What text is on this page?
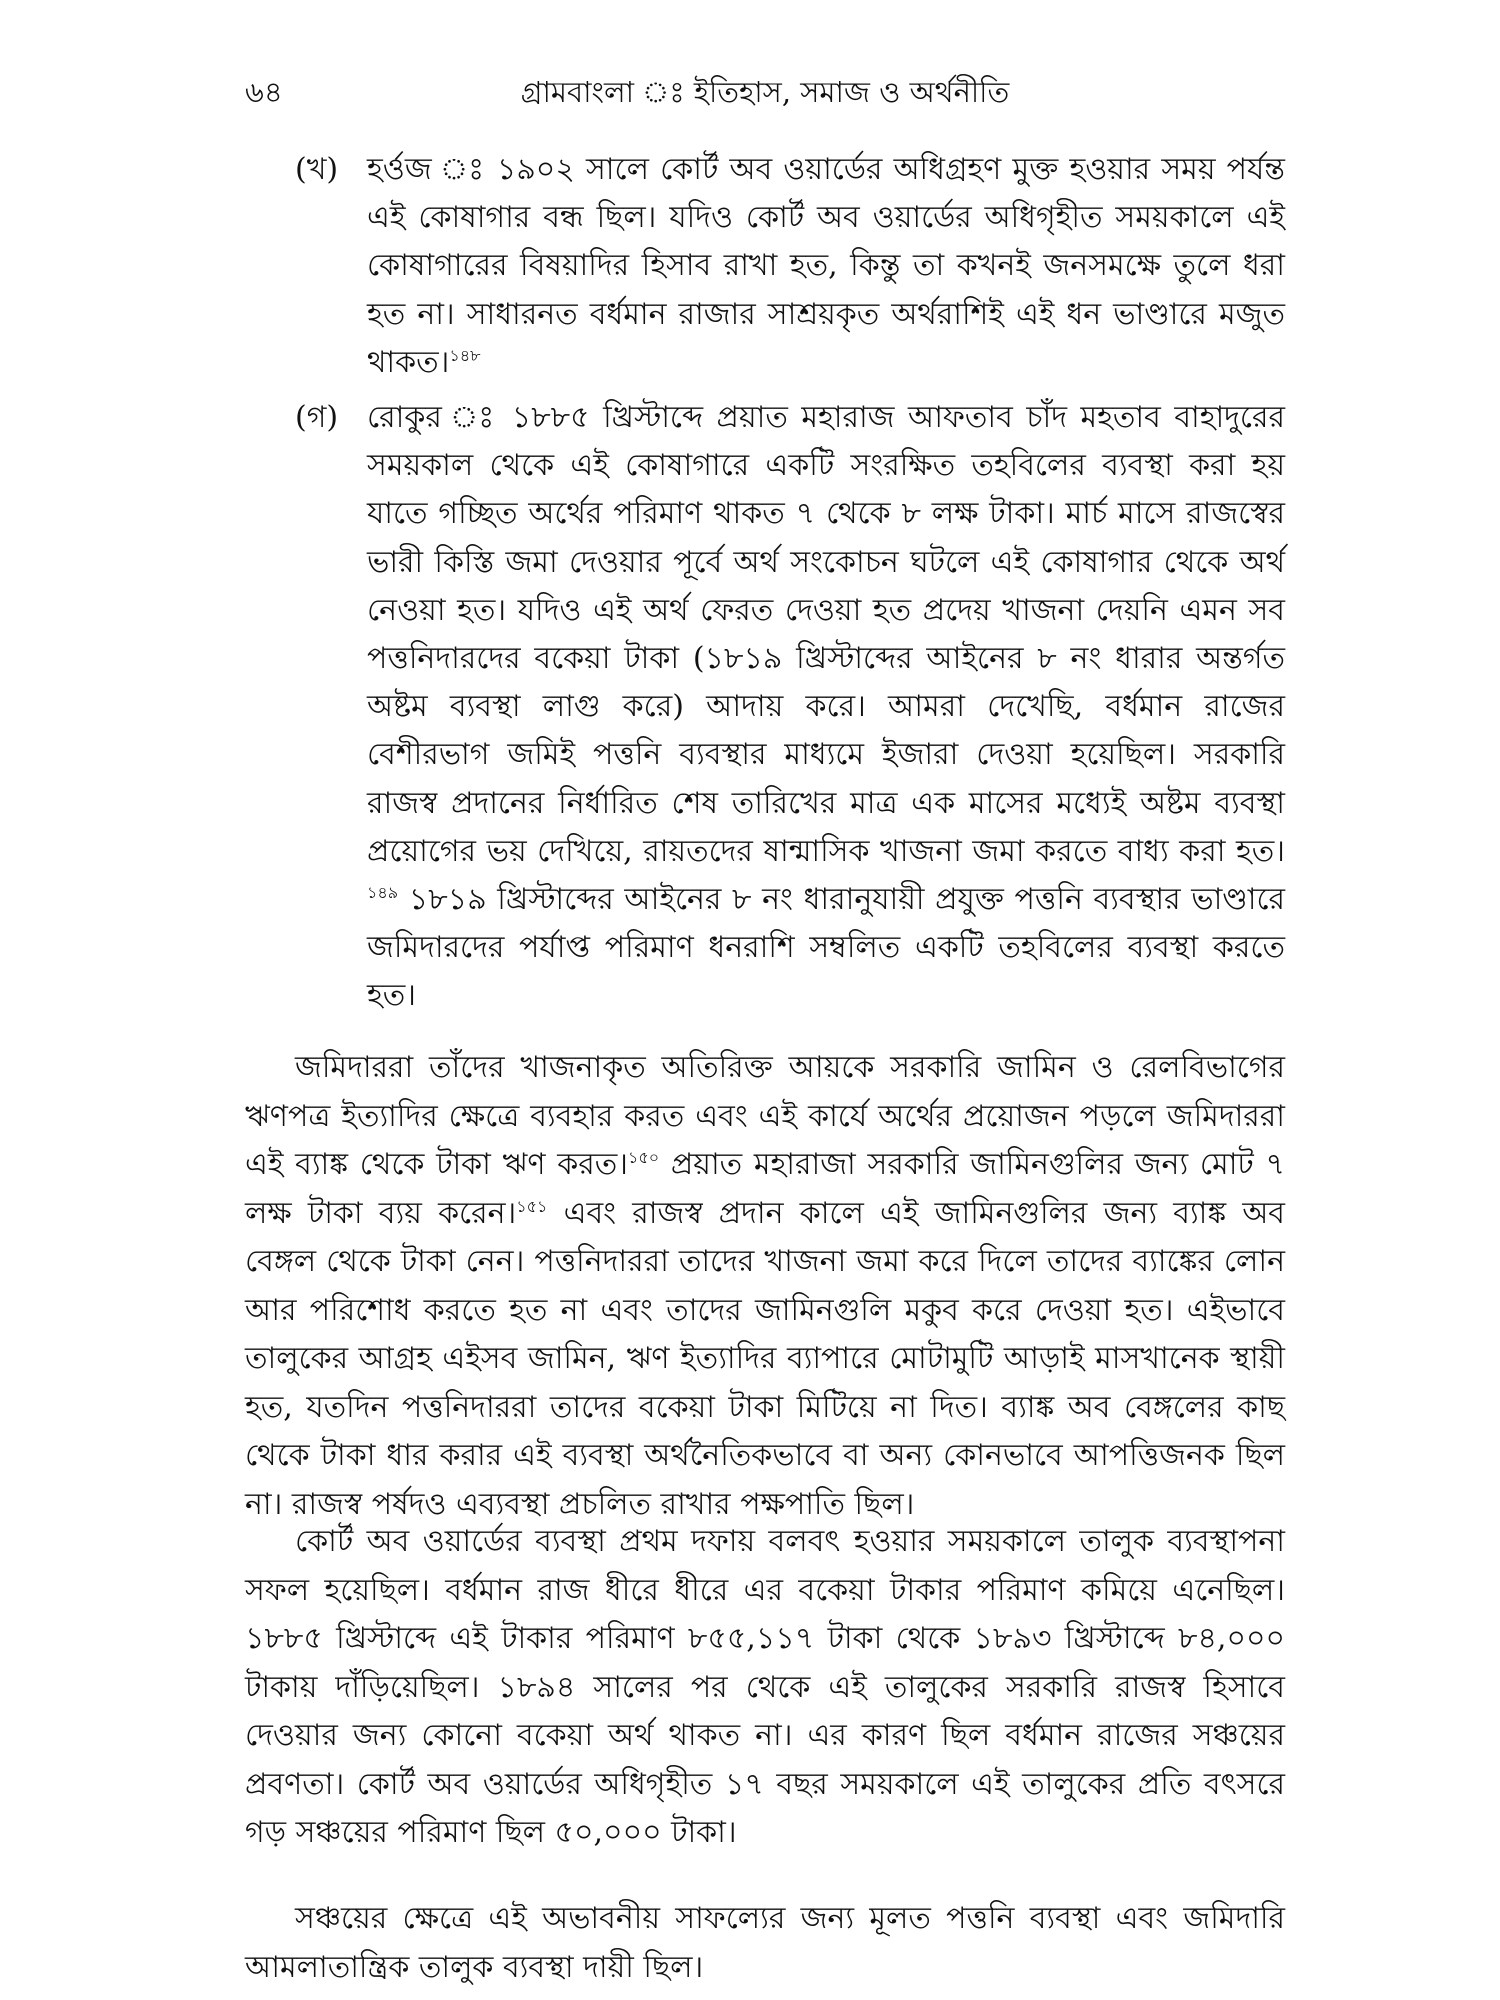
৬৪	গ্রামবাংলা ঃ ইতিহাস, সমাজ ও অর্থনীতি
(খ) হর্ওজ ঃ ১৯০২ সালে কোর্ট অব ওয়ার্ডের অধিগ্রহণ মুক্ত হওয়ার সময় পর্যন্ত এই কোষাগার বন্ধ ছিল। যদিও কোর্ট অব ওয়ার্ডের অধিগৃহীত সময়কালে এই কোষাগারের বিষয়াদির হিসাব রাখা হত, কিন্তু তা কখনই জনসমক্ষে তুলে ধরা হত না। সাধারনত বর্ধমান রাজার সাশ্রয়কৃত অর্থরাশিই এই ধন ভাণ্ডারে মজুত থাকত।$^{১৪৮}$
(গ) রোকুর ঃ ১৮৮৫ খ্রিস্টাব্দে প্রয়াত মহারাজ আফতাব চাঁদ মহতাব বাহাদুরের সময়কাল থেকে এই কোষাগারে একটি সংরক্ষিত তহবিলের ব্যবস্থা করা হয় যাতে গচ্ছিত অর্থের পরিমাণ থাকত ৭ থেকে ৮ লক্ষ টাকা। মার্চ মাসে রাজস্বের ভারী কিস্তি জমা দেওয়ার পূর্বে অর্থ সংকোচন ঘটলে এই কোষাগার থেকে অর্থ নেওয়া হত। যদিও এই অর্থ ফেরত দেওয়া হত প্রদেয় খাজনা দেয়নি এমন সব পত্তনিদারদের বকেয়া টাকা (১৮১৯ খ্রিস্টাব্দের আইনের ৮ নং ধারার অন্তর্গত অষ্টম ব্যবস্থা লাগু করে) আদায় করে। আমরা দেখেছি, বর্ধমান রাজের বেশীরভাগ জমিই পত্তনি ব্যবস্থার মাধ্যমে ইজারা দেওয়া হয়েছিল। সরকারি রাজস্ব প্রদানের নির্ধারিত শেষ তারিখের মাত্র এক মাসের মধ্যেই অষ্টম ব্যবস্থা প্রয়োগের ভয় দেখিয়ে, রায়তদের ষান্মাসিক খাজনা জমা করতে বাধ্য করা হত।$^{১৪৯}$ ১৮১৯ খ্রিস্টাব্দের আইনের ৮ নং ধারানুযায়ী প্রযুক্ত পত্তনি ব্যবস্থার ভাণ্ডারে জমিদারদের পর্যাপ্ত পরিমাণ ধনরাশি সম্বলিত একটি তহবিলের ব্যবস্থা করতে হত।

জমিদাররা তাঁদের খাজনাকৃত অতিরিক্ত আয়কে সরকারি জামিন ও রেলবিভাগের ঋণপত্র ইত্যাদির ক্ষেত্রে ব্যবহার করত এবং এই কার্যে অর্থের প্রয়োজন পড়লে জমিদাররা এই ব্যাঙ্ক থেকে টাকা ঋণ করত।$^{১৫০}$ প্রয়াত মহারাজা সরকারি জামিনগুলির জন্য মোট ৭ লক্ষ টাকা ব্যয় করেন।$^{১৫১}$ এবং রাজস্ব প্রদান কালে এই জামিনগুলির জন্য ব্যাঙ্ক অব বেঙ্গল থেকে টাকা নেন। পত্তনিদাররা তাদের খাজনা জমা করে দিলে তাদের ব্যাঙ্কের লোন আর পরিশোধ করতে হত না এবং তাদের জামিনগুলি মকুব করে দেওয়া হত। এইভাবে তালুকের আগ্রহ এইসব জামিন, ঋণ ইত্যাদির ব্যাপারে মোটামুটি আড়াই মাসখানেক স্থায়ী হত, যতদিন পত্তনিদাররা তাদের বকেয়া টাকা মিটিয়ে না দিত। ব্যাঙ্ক অব বেঙ্গলের কাছ থেকে টাকা ধার করার এই ব্যবস্থা অর্থনৈতিকভাবে বা অন্য কোনভাবে আপত্তিজনক ছিল না। রাজস্ব পর্ষদও এব্যবস্থা প্রচলিত রাখার পক্ষপাতি ছিল।

কোর্ট অব ওয়ার্ডের ব্যবস্থা প্রথম দফায় বলবৎ হওয়ার সময়কালে তালুক ব্যবস্থাপনা সফল হয়েছিল। বর্ধমান রাজ ধীরে ধীরে এর বকেয়া টাকার পরিমাণ কমিয়ে এনেছিল। ১৮৮৫ খ্রিস্টাব্দে এই টাকার পরিমাণ ৮৫৫,১১৭ টাকা থেকে ১৮৯৩ খ্রিস্টাব্দে ৮৪,০০০ টাকায় দাঁড়িয়েছিল। ১৮৯৪ সালের পর থেকে এই তালুকের সরকারি রাজস্ব হিসাবে দেওয়ার জন্য কোনো বকেয়া অর্থ থাকত না। এর কারণ ছিল বর্ধমান রাজের সঞ্চয়ের প্রবণতা। কোর্ট অব ওয়ার্ডের অধিগৃহীত ১৭ বছর সময়কালে এই তালুকের প্রতি বৎসরে গড় সঞ্চয়ের পরিমাণ ছিল ৫০,০০০ টাকা।

সঞ্চয়ের ক্ষেত্রে এই অভাবনীয় সাফল্যের জন্য মূলত পত্তনি ব্যবস্থা এবং জমিদারি আমলাতান্ত্রিক তালুক ব্যবস্থা দায়ী ছিল।
